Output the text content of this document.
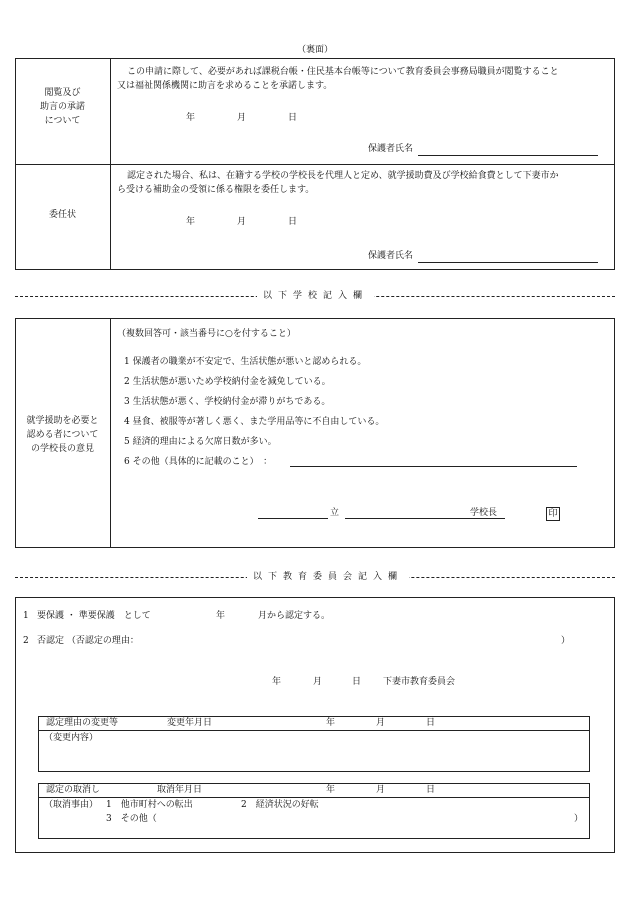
（裏面）
閲覧及び
助言の承諾
について
この申請に際して、必要があれば課税台帳・住民基本台帳等について教育委員会事務局職員が閲覧すること
又は福祉関係機関に助言を求めることを承諾します。
年	月	日
保護者氏名
委任状
認定された場合、私は、在籍する学校の学校長を代理人と定め、就学援助費及び学校給食費として下妻市か
ら受ける補助金の受領に係る権限を委任します。
年	月	日
保護者氏名
以下学校記入欄
就学援助を必要と
認める者について
の学校長の意見
（複数回答可・該当番号に○を付すること）
1 保護者の職業が不安定で、生活状態が悪いと認められる。
2 生活状態が悪いため学校納付金を減免している。
3 生活状態が悪く、学校納付金が滞りがちである。
4 昼食、被服等が著しく悪く、また学用品等に不自由している。
5 経済的理由による欠席日数が多い。
6 その他（具体的に記載のこと）　：
立	学校長	印
以下教育委員会記入欄
1 要保護 ・ 準要保護　として	年	月から認定する。
2 否認定 （否認定の理由：	）
年	月	日 下妻市教育委員会
認定理由の変更等	変更年月日	年	月	日
（変更内容）
認定の取消し	取消年月日	年	月	日
（取消事由） 1　他市町村への転出	2　経済状況の好転
3　その他（	）
